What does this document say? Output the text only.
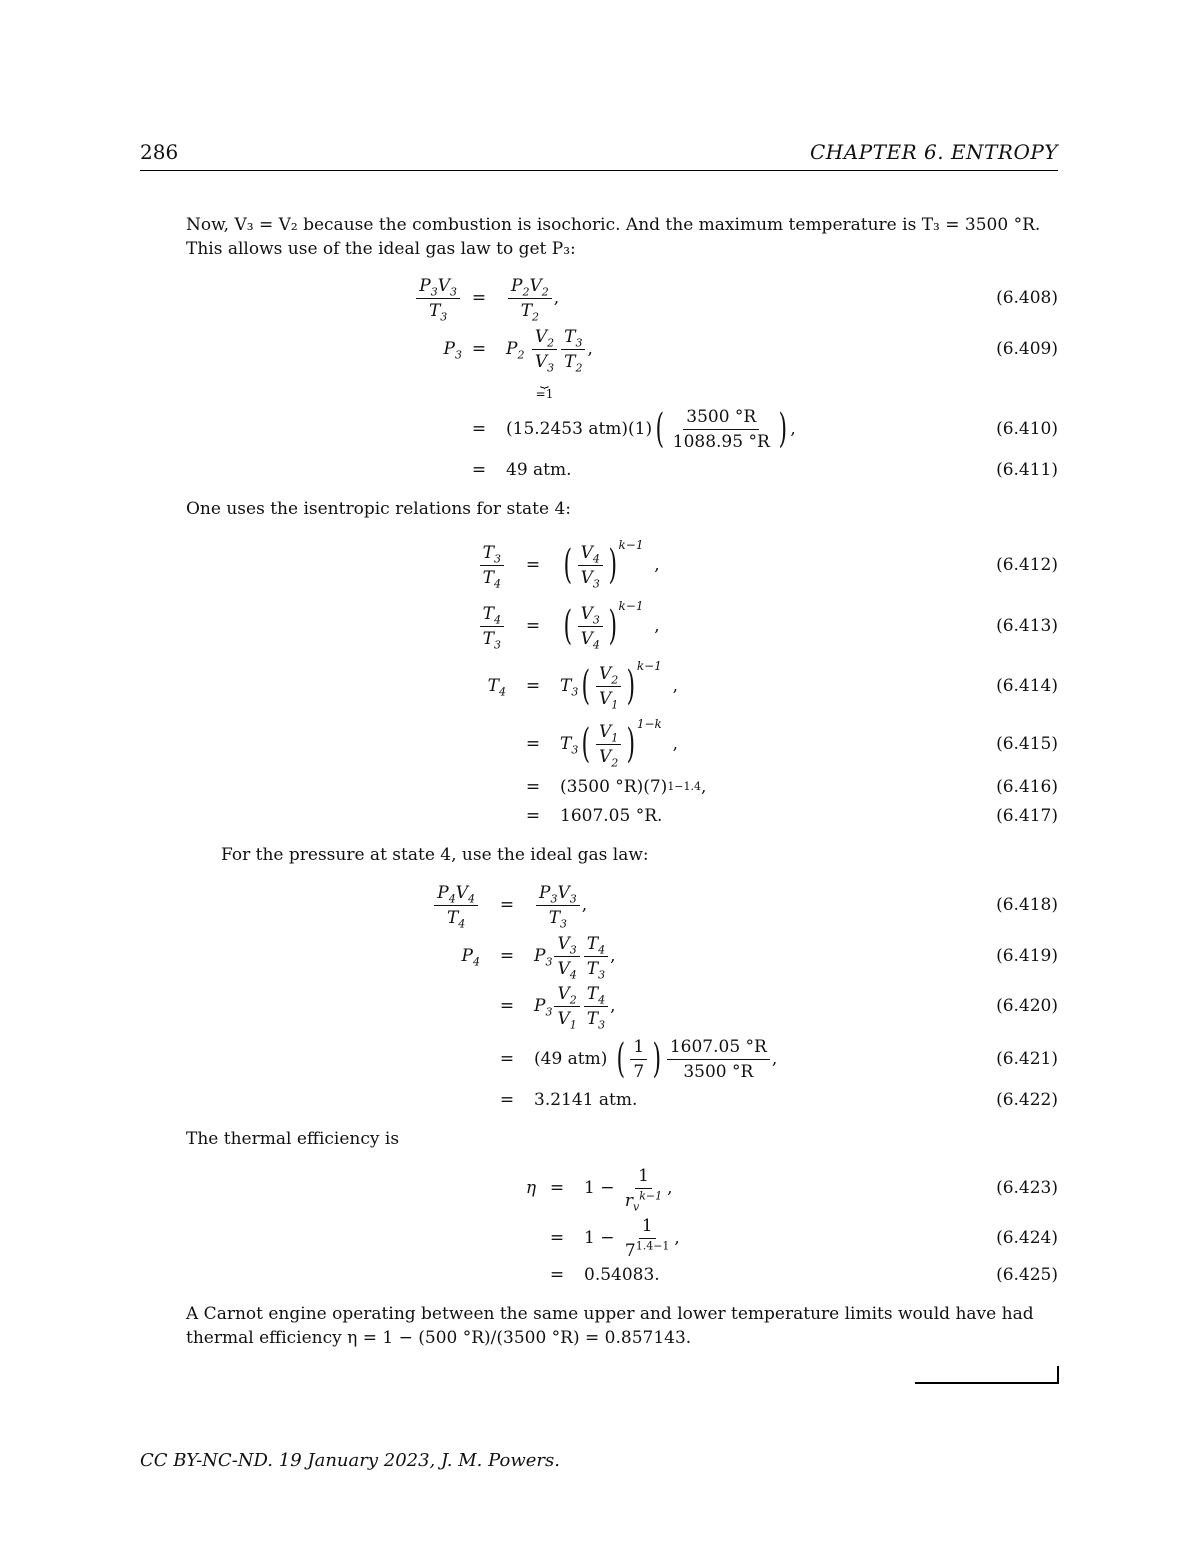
286	CHAPTER 6. ENTROPY
Now, V₃ = V₂ because the combustion is isochoric. And the maximum temperature is T₃ = 3500 °R.
This allows use of the ideal gas law to get P₃:
$\frac{P_3V_3}{T_3}$ =	$\frac{P_2V_2}{T_2}$ ,	(6.408)
$P_3$ =	$P_2$
$\frac{V_2}{V_3}$
⏟
=1
$\frac{T_3}{T_2}$ ,	(6.409)
=	(15.2453 atm)(1) ( $\frac{3500 ^\circ R}{1088.95 ^\circ R}$ ) ,	(6.410)
=	49 atm.	(6.411)
One uses the isentropic relations for state 4:
$\frac{T_3}{T_4}$	= ( $\frac{V_4}{V_3}$ ) k−1
,	(6.412)
$\frac{T_4}{T_3}$	= ( $\frac{V_3}{V_4}$ ) k−1
,	(6.413)
$T_4$	=	$T_3$ ( $\frac{V_2}{V_1}$ ) k−1
,	(6.414)
=	$T_3$ ( $\frac{V_1}{V_2}$ ) 1−k
,	(6.415)
=	(3500 °R)(7) 1−1.4 ,	(6.416)
=	1607.05 °R.	(6.417)
For the pressure at state 4, use the ideal gas law:
$\frac{P_4V_4}{T_4}$	=	$\frac{P_3V_3}{T_3}$ ,	(6.418)
$P_4$	=	$P_3 \frac{V_3}{V_4} \frac{T_4}{T_3}$ ,	(6.419)
=	$P_3 \frac{V_2}{V_1} \frac{T_4}{T_3}$ ,	(6.420)
=	(49 atm)
( $\frac{1}{7}$ ) $\frac{1607.05 ^\circ R}{3500 ^\circ R}$ ,	(6.421)
=	3.2141 atm.	(6.422)
The thermal efficiency is
η =	$1 - \frac{1}{r_v^{k-1}}$ ,	(6.423)
=	$1 - \frac{1}{7^{1.4-1}}$ ,	(6.424)
=	0.54083.	(6.425)
A Carnot engine operating between the same upper and lower temperature limits would have had
thermal efficiency η = 1 − (500 °R)/(3500 °R) = 0.857143.
CC BY-NC-ND. 19 January 2023, J. M. Powers.
